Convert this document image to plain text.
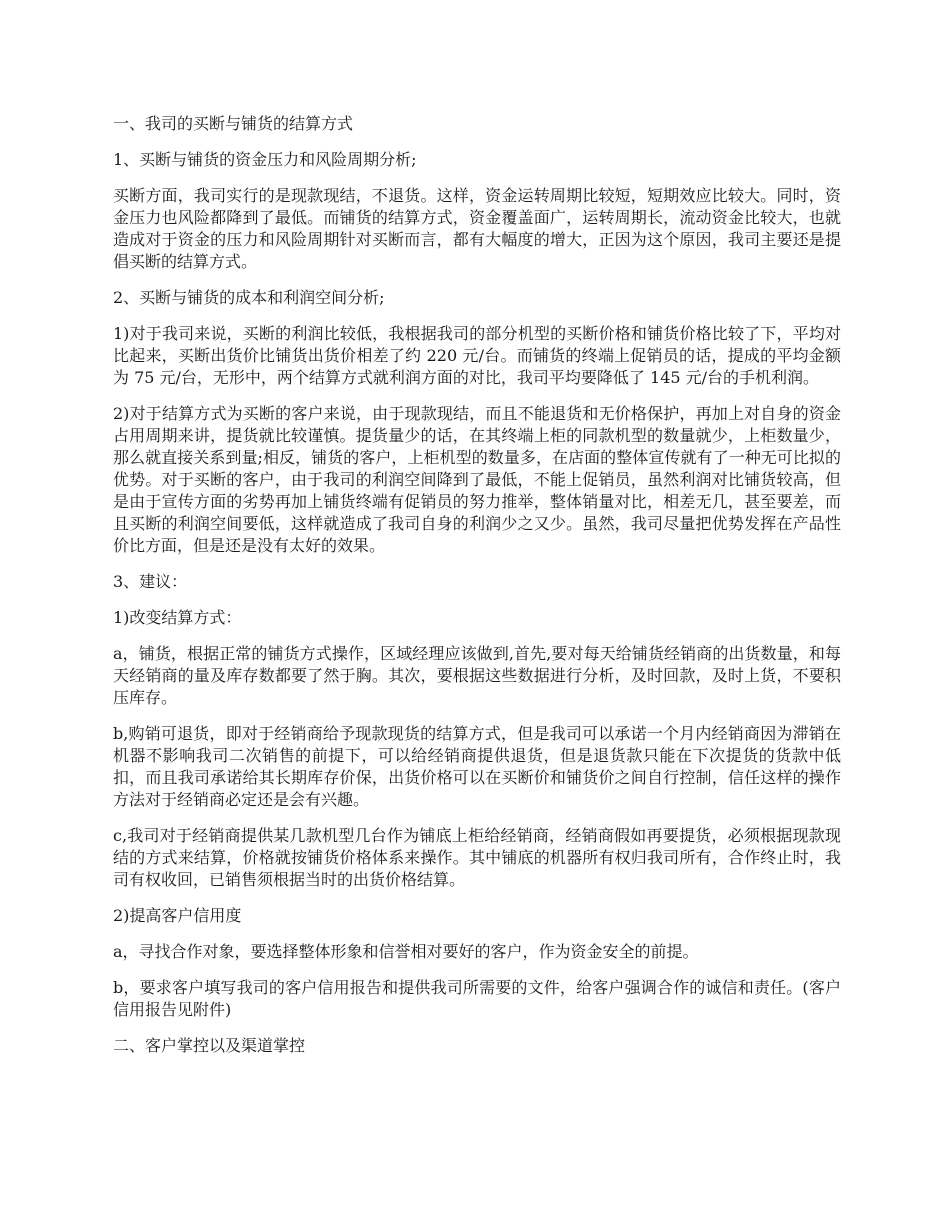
一、我司的买断与铺货的结算方式

1、买断与铺货的资金压力和风险周期分析;

买断方面，我司实行的是现款现结，不退货。这样，资金运转周期比较短，短期效应比较大。同时，资金压力也风险都降到了最低。而铺货的结算方式，资金覆盖面广，运转周期长，流动资金比较大，也就造成对于资金的压力和风险周期针对买断而言，都有大幅度的增大，正因为这个原因，我司主要还是提倡买断的结算方式。

2、买断与铺货的成本和利润空间分析;

1)对于我司来说，买断的利润比较低，我根据我司的部分机型的买断价格和铺货价格比较了下，平均对比起来，买断出货价比铺货出货价相差了约 220 元/台。而铺货的终端上促销员的话，提成的平均金额为 75 元/台，无形中，两个结算方式就利润方面的对比，我司平均要降低了 145 元/台的手机利润。

2)对于结算方式为买断的客户来说，由于现款现结，而且不能退货和无价格保护，再加上对自身的资金占用周期来讲，提货就比较谨慎。提货量少的话，在其终端上柜的同款机型的数量就少，上柜数量少，那么就直接关系到量;相反，铺货的客户，上柜机型的数量多，在店面的整体宣传就有了一种无可比拟的优势。对于买断的客户，由于我司的利润空间降到了最低，不能上促销员，虽然利润对比铺货较高，但是由于宣传方面的劣势再加上铺货终端有促销员的努力推举，整体销量对比，相差无几，甚至要差，而且买断的利润空间要低，这样就造成了我司自身的利润少之又少。虽然，我司尽量把优势发挥在产品性价比方面，但是还是没有太好的效果。

3、建议：

1)改变结算方式：

a，铺货，根据正常的铺货方式操作，区域经理应该做到,首先,要对每天给铺货经销商的出货数量，和每天经销商的量及库存数都要了然于胸。其次，要根据这些数据进行分析，及时回款，及时上货，不要积压库存。

b,购销可退货，即对于经销商给予现款现货的结算方式，但是我司可以承诺一个月内经销商因为滞销在机器不影响我司二次销售的前提下，可以给经销商提供退货，但是退货款只能在下次提货的货款中低扣，而且我司承诺给其长期库存价保，出货价格可以在买断价和铺货价之间自行控制，信任这样的操作方法对于经销商必定还是会有兴趣。

c,我司对于经销商提供某几款机型几台作为铺底上柜给经销商，经销商假如再要提货，必须根据现款现结的方式来结算，价格就按铺货价格体系来操作。其中铺底的机器所有权归我司所有，合作终止时，我司有权收回，已销售须根据当时的出货价格结算。

2)提高客户信用度

a，寻找合作对象，要选择整体形象和信誉相对要好的客户，作为资金安全的前提。

b，要求客户填写我司的客户信用报告和提供我司所需要的文件，给客户强调合作的诚信和责任。(客户信用报告见附件)

二、客户掌控以及渠道掌控
